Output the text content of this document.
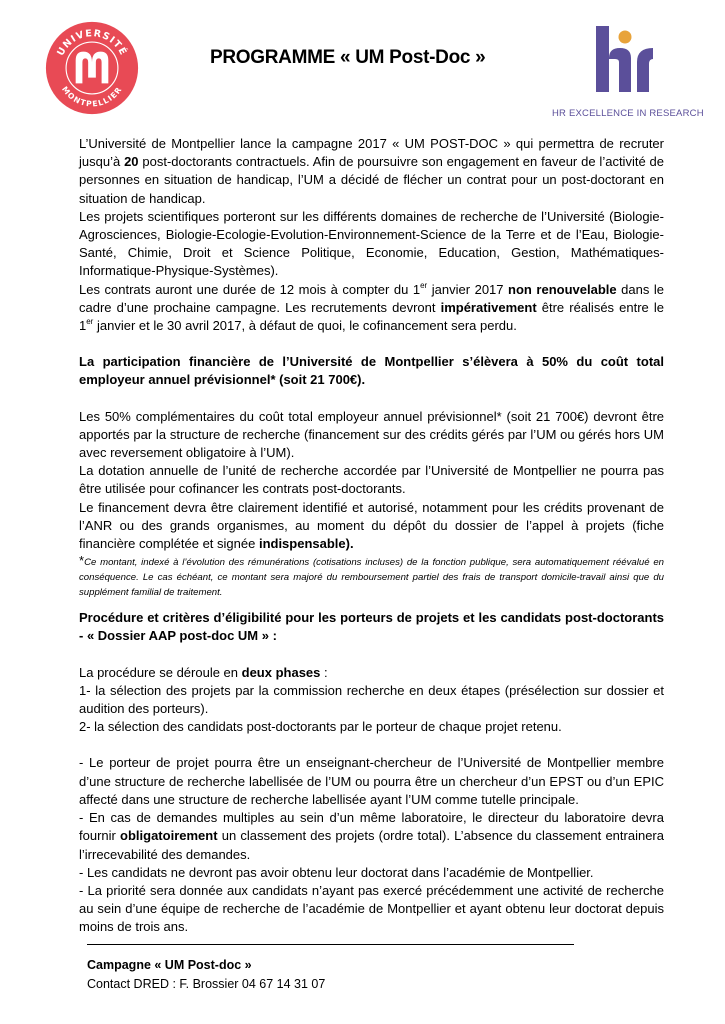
UNIVERSITÉ
MONTPELLIER
HR EXCELLENCE IN RESEARCH
PROGRAMME « UM Post-Doc »

L’Université de Montpellier lance la campagne 2017 « UM POST-DOC » qui permettra de recruter jusqu’à 20 post-doctorants contractuels. Afin de poursuivre son engagement en faveur de l’activité de personnes en situation de handicap, l’UM a décidé de flécher un contrat pour un post-doctorant en situation de handicap.

Les projets scientifiques porteront sur les différents domaines de recherche de l’Université (Biologie-Agrosciences, Biologie-Ecologie-Evolution-Environnement-Science de la Terre et de l’Eau, Biologie-Santé, Chimie, Droit et Science Politique, Economie, Education, Gestion, Mathématiques-Informatique-Physique-Systèmes).

Les contrats auront une durée de 12 mois à compter du 1er janvier 2017 non renouvelable dans le cadre d’une prochaine campagne. Les recrutements devront impérativement être réalisés entre le 1er janvier et le 30 avril 2017, à défaut de quoi, le cofinancement sera perdu.

La participation financière de l’Université de Montpellier s’élèvera à 50% du coût total employeur annuel prévisionnel* (soit 21 700€).

Les 50% complémentaires du coût total employeur annuel prévisionnel* (soit 21 700€) devront être apportés par la structure de recherche (financement sur des crédits gérés par l’UM ou gérés hors UM avec reversement obligatoire à l’UM).

La dotation annuelle de l’unité de recherche accordée par l’Université de Montpellier ne pourra pas être utilisée pour cofinancer les contrats post-doctorants.

Le financement devra être clairement identifié et autorisé, notamment pour les crédits provenant de l’ANR ou des grands organismes, au moment du dépôt du dossier de l’appel à projets (fiche financière complétée et signée indispensable).

*Ce montant, indexé à l’évolution des rémunérations (cotisations incluses) de la fonction publique, sera automatiquement réévalué en conséquence. Le cas échéant, ce montant sera majoré du remboursement partiel des frais de transport domicile-travail ainsi que du supplément familial de traitement.

Procédure et critères d’éligibilité pour les porteurs de projets et les candidats post-doctorants - « Dossier AAP post-doc UM » :

La procédure se déroule en deux phases :

1- la sélection des projets par la commission recherche en deux étapes (présélection sur dossier et audition des porteurs).

2- la sélection des candidats post-doctorants par le porteur de chaque projet retenu.

- Le porteur de projet pourra être un enseignant-chercheur de l’Université de Montpellier membre d’une structure de recherche labellisée de l’UM ou pourra être un chercheur d’un EPST ou d’un EPIC affecté dans une structure de recherche labellisée ayant l’UM comme tutelle principale.

- En cas de demandes multiples au sein d’un même laboratoire, le directeur du laboratoire devra fournir obligatoirement un classement des projets (ordre total). L’absence du classement entrainera l’irrecevabilité des demandes.

- Les candidats ne devront pas avoir obtenu leur doctorat dans l’académie de Montpellier.

- La priorité sera donnée aux candidats n’ayant pas exercé précédemment une activité de recherche au sein d’une équipe de recherche de l’académie de Montpellier et ayant obtenu leur doctorat depuis moins de trois ans.

Campagne « UM Post-doc »
Contact DRED : F. Brossier 04 67 14 31 07
